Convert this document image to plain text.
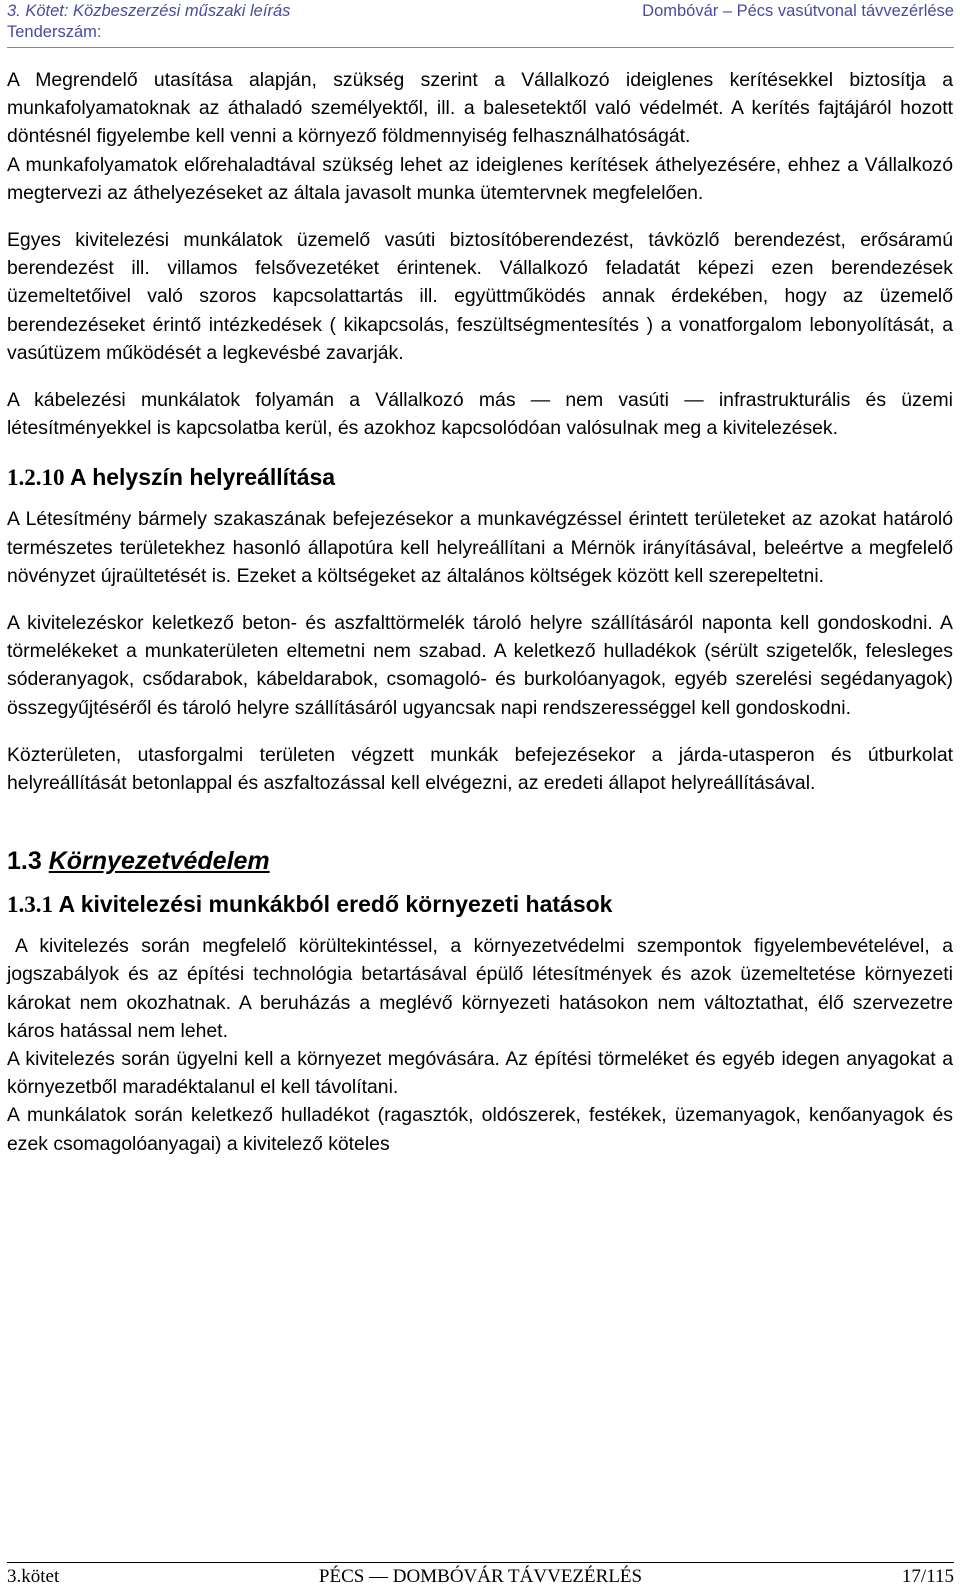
3. Kötet: Közbeszerzési műszaki leírás	Dombóvár – Pécs vasútvonal távvezérlése
Tenderszám:

A Megrendelő utasítása alapján, szükség szerint a Vállalkozó ideiglenes kerítésekkel biztosítja a munkafolyamatoknak az áthaladó személyektől, ill. a balesetektől való védelmét. A kerítés fajtájáról hozott döntésnél figyelembe kell venni a környező földmennyiség felhasználhatóságát.

A munkafolyamatok előrehaladtával szükség lehet az ideiglenes kerítések áthelyezésére, ehhez a Vállalkozó megtervezi az áthelyezéseket az általa javasolt munka ütemtervnek megfelelően.

Egyes kivitelezési munkálatok üzemelő vasúti biztosítóberendezést, távközlő berendezést, erősáramú berendezést ill. villamos felsővezetéket érintenek. Vállalkozó feladatát képezi ezen berendezések üzemeltetőivel való szoros kapcsolattartás ill. együttműködés annak érdekében, hogy az üzemelő berendezéseket érintő intézkedések ( kikapcsolás, feszültségmentesítés ) a vonatforgalom lebonyolítását, a vasútüzem működését a legkevésbé zavarják.

A kábelezési munkálatok folyamán a Vállalkozó más — nem vasúti — infrastrukturális és üzemi létesítményekkel is kapcsolatba kerül, és azokhoz kapcsolódóan valósulnak meg a kivitelezések.

1.2.10 A helyszín helyreállítása

A Létesítmény bármely szakaszának befejezésekor a munkavégzéssel érintett területeket az azokat határoló természetes területekhez hasonló állapotúra kell helyreállítani a Mérnök irányításával, beleértve a megfelelő növényzet újraültetését is. Ezeket a költségeket az általános költségek között kell szerepeltetni.

A kivitelezéskor keletkező beton- és aszfalttörmelék tároló helyre szállításáról naponta kell gondoskodni. A törmelékeket a munkaterületen eltemetni nem szabad. A keletkező hulladékok (sérült szigetelők, felesleges sóderanyagok, csődarabok, kábeldarabok, csomagoló- és burkolóanyagok, egyéb szerelési segédanyagok) összegyűjtéséről és tároló helyre szállításáról ugyancsak napi rendszerességgel kell gondoskodni.

Közterületen, utasforgalmi területen végzett munkák befejezésekor a járda-utasperon és útburkolat helyreállítását betonlappal és aszfaltozással kell elvégezni, az eredeti állapot helyreállításával.

1.3 Környezetvédelem
1.3.1 A kivitelezési munkákból eredő környezeti hatások

A kivitelezés során megfelelő körültekintéssel, a környezetvédelmi szempontok figyelembevételével, a jogszabályok és az építési technológia betartásával épülő létesítmények és azok üzemeltetése környezeti károkat nem okozhatnak. A beruházás a meglévő környezeti hatásokon nem változtathat, élő szervezetre káros hatással nem lehet.

A kivitelezés során ügyelni kell a környezet megóvására. Az építési törmeléket és egyéb idegen anyagokat a környezetből maradéktalanul el kell távolítani.

A munkálatok során keletkező hulladékot (ragasztók, oldószerek, festékek, üzemanyagok, kenőanyagok és ezek csomagolóanyagai) a kivitelező köteles

3.kötet	PÉCS — DOMBÓVÁR TÁVVEZÉRLÉS	17/115
